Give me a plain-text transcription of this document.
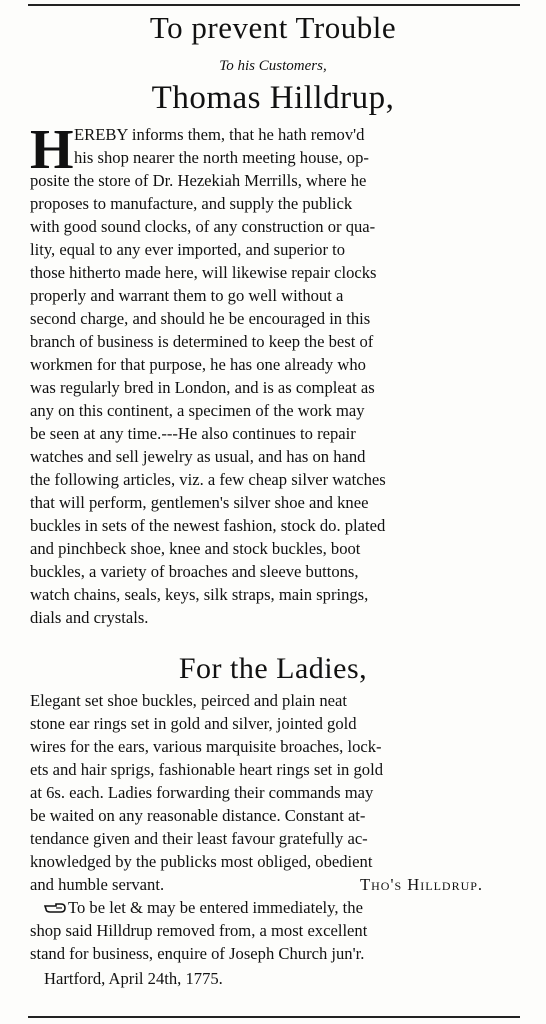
To prevent Trouble
To his Customers,
Thomas Hilldrup,
H EREBY informs them, that he hath remov'd
his shop nearer the north meeting house, op-
posite the store of Dr. Hezekiah Merrills, where he
proposes to manufacture, and supply the publick
with good sound clocks, of any construction or qua-
lity, equal to any ever imported, and superior to
those hitherto made here, will likewise repair clocks
properly and warrant them to go well without a
second charge, and should he be encouraged in this
branch of business is determined to keep the best of
workmen for that purpose, he has one already who
was regularly bred in London, and is as compleat as
any on this continent, a specimen of the work may
be seen at any time.---He also continues to repair
watches and sell jewelry as usual, and has on hand
the following articles, viz. a few cheap silver watches
that will perform, gentlemen's silver shoe and knee
buckles in sets of the newest fashion, stock do. plated
and pinchbeck shoe, knee and stock buckles, boot
buckles, a variety of broaches and sleeve buttons,
watch chains, seals, keys, silk straps, main springs,
dials and crystals.
For the Ladies,
Elegant set shoe buckles, peirced and plain neat
stone ear rings set in gold and silver, jointed gold
wires for the ears, various marquisite broaches, lock-
ets and hair sprigs, fashionable heart rings set in gold
at 6s. each. Ladies forwarding their commands may
be waited on any reasonable distance. Constant at-
tendance given and their least favour gratefully ac-
knowledged by the publicks most obliged, obedient
and humble servant.	Tho's Hilldrup.
To be let & may be entered immediately, the
shop said Hilldrup removed from, a most excellent
stand for business, enquire of Joseph Church jun'r.
Hartford, April 24th, 1775.
